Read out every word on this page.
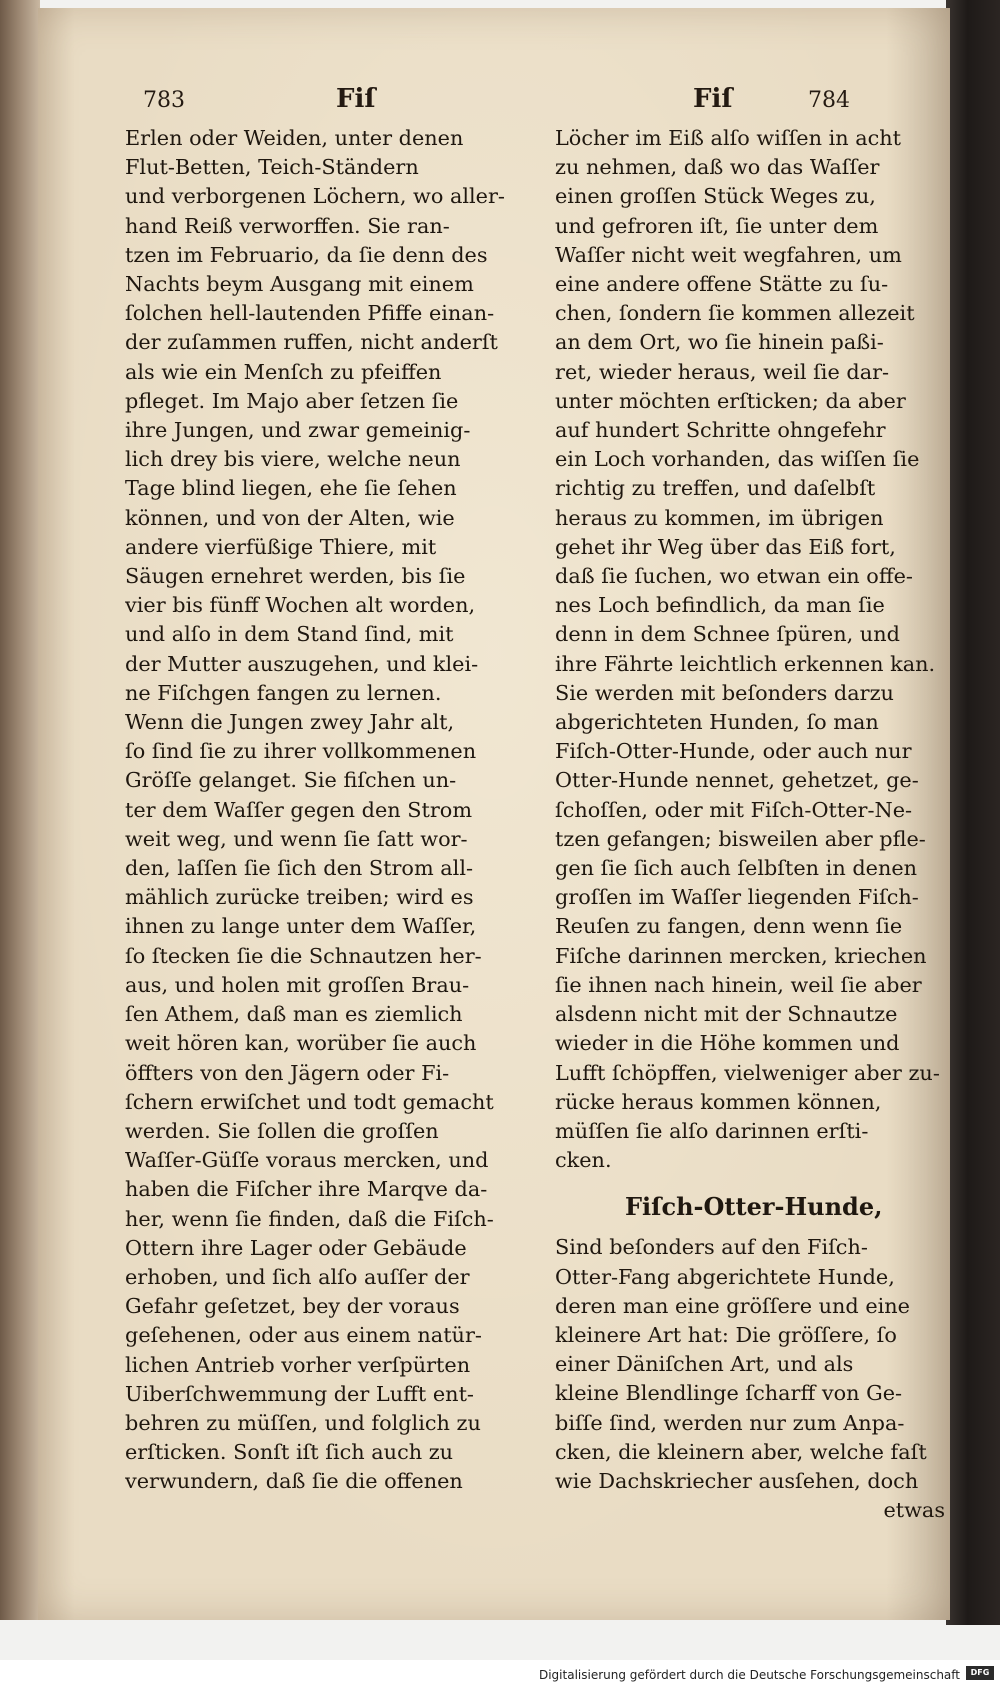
783	Fiſ	Fiſ	784
Erlen oder Weiden, unter denen
Flut-Betten, Teich-Ständern
und verborgenen Löchern, wo aller-
hand Reiß verworffen. Sie ran-
tzen im Februario, da ſie denn des
Nachts beym Ausgang mit einem
ſolchen hell-lautenden Pfiffe einan-
der zuſammen ruffen, nicht anderſt
als wie ein Menſch zu pfeiffen
pfleget. Im Majo aber ſetzen ſie
ihre Jungen, und zwar gemeinig-
lich drey bis viere, welche neun
Tage blind liegen, ehe ſie ſehen
können, und von der Alten, wie
andere vierfüßige Thiere, mit
Säugen ernehret werden, bis ſie
vier bis fünff Wochen alt worden,
und alſo in dem Stand ſind, mit
der Mutter auszugehen, und klei-
ne Fiſchgen fangen zu lernen.
Wenn die Jungen zwey Jahr alt,
ſo ſind ſie zu ihrer vollkommenen
Gröſſe gelanget. Sie fiſchen un-
ter dem Waſſer gegen den Strom
weit weg, und wenn ſie ſatt wor-
den, laſſen ſie ſich den Strom all-
mählich zurücke treiben; wird es
ihnen zu lange unter dem Waſſer,
ſo ſtecken ſie die Schnautzen her-
aus, und holen mit groſſen Brau-
ſen Athem, daß man es ziemlich
weit hören kan, worüber ſie auch
öffters von den Jägern oder Fi-
ſchern erwiſchet und todt gemacht
werden. Sie ſollen die groſſen
Waſſer-Güſſe voraus mercken, und
haben die Fiſcher ihre Marqve da-
her, wenn ſie finden, daß die Fiſch-
Ottern ihre Lager oder Gebäude
erhoben, und ſich alſo auſſer der
Gefahr geſetzet, bey der voraus
geſehenen, oder aus einem natür-
lichen Antrieb vorher verſpürten
Uiberſchwemmung der Lufft ent-
behren zu müſſen, und folglich zu
erſticken. Sonſt iſt ſich auch zu
verwundern, daß ſie die offenen
Löcher im Eiß alſo wiſſen in acht
zu nehmen, daß wo das Waſſer
einen groſſen Stück Weges zu,
und gefroren iſt, ſie unter dem
Waſſer nicht weit wegfahren, um
eine andere offene Stätte zu ſu-
chen, ſondern ſie kommen allezeit
an dem Ort, wo ſie hinein paßi-
ret, wieder heraus, weil ſie dar-
unter möchten erſticken; da aber
auf hundert Schritte ohngefehr
ein Loch vorhanden, das wiſſen ſie
richtig zu treffen, und daſelbſt
heraus zu kommen, im übrigen
gehet ihr Weg über das Eiß fort,
daß ſie ſuchen, wo etwan ein offe-
nes Loch befindlich, da man ſie
denn in dem Schnee ſpüren, und
ihre Fährte leichtlich erkennen kan.
Sie werden mit beſonders darzu
abgerichteten Hunden, ſo man
Fiſch-Otter-Hunde, oder auch nur
Otter-Hunde nennet, gehetzet, ge-
ſchoſſen, oder mit Fiſch-Otter-Ne-
tzen gefangen; bisweilen aber pfle-
gen ſie ſich auch ſelbſten in denen
groſſen im Waſſer liegenden Fiſch-
Reuſen zu fangen, denn wenn ſie
Fiſche darinnen mercken, kriechen
ſie ihnen nach hinein, weil ſie aber
alsdenn nicht mit der Schnautze
wieder in die Höhe kommen und
Lufft ſchöpffen, vielweniger aber zu-
rücke heraus kommen können,
müſſen ſie alſo darinnen erſti-
cken.
Fiſch-Otter-Hunde,
Sind beſonders auf den Fiſch-
Otter-Fang abgerichtete Hunde,
deren man eine gröſſere und eine
kleinere Art hat: Die gröſſere, ſo
einer Däniſchen Art, und als
kleine Blendlinge ſcharff von Ge-
biſſe ſind, werden nur zum Anpa-
cken, die kleinern aber, welche faſt
wie Dachskriecher ausſehen, doch
etwas
Digitalisierung gefördert durch die Deutsche Forschungsgemeinschaft	DFG
